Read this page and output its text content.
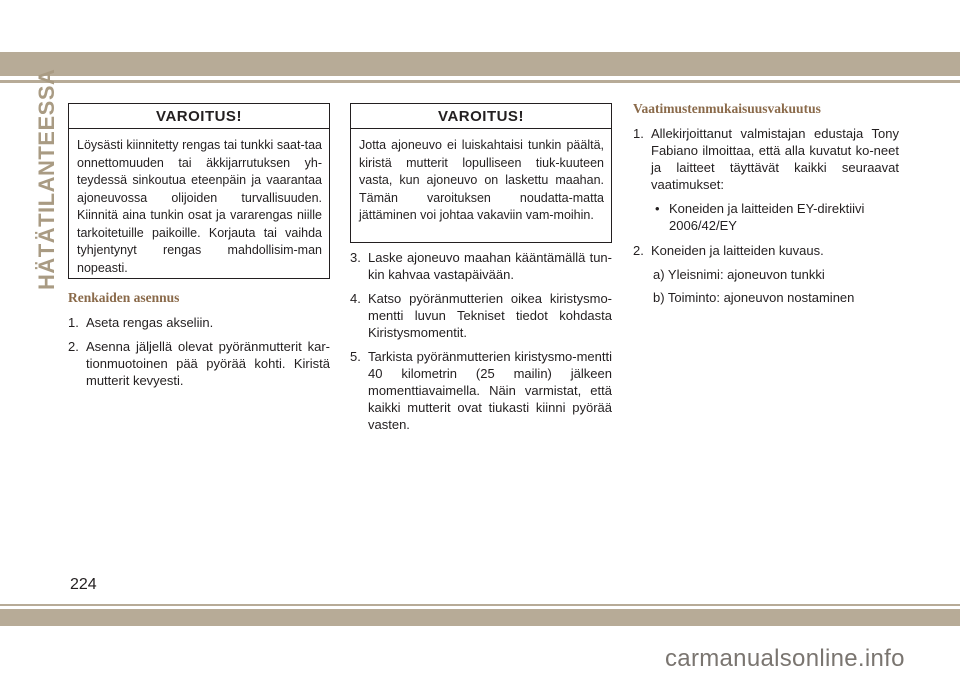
HÄTÄTILANTEESSA	VAROITUS!
Löysästi kiinnitetty rengas tai tunkki saat-taa onnettomuuden tai äkkijarrutuksen yh-teydessä sinkoutua eteenpäin ja vaarantaa ajoneuvossa olijoiden turvallisuuden. Kiinnitä aina tunkin osat ja vararengas niille tarkoitetuille paikoille. Korjauta tai vaihda tyhjentynyt rengas mahdollisim-man nopeasti.
Renkaiden asennus
1. Aseta rengas akseliin.
2. Asenna jäljellä olevat pyöränmutterit kar-tionmuotoinen pää pyörää kohti. Kiristä mutterit kevyesti.
VAROITUS!
Jotta ajoneuvo ei luiskahtaisi tunkin päältä, kiristä mutterit lopulliseen tiuk-kuuteen vasta, kun ajoneuvo on laskettu maahan. Tämän varoituksen noudatta-matta jättäminen voi johtaa vakaviin vam-moihin.
3. Laske ajoneuvo maahan kääntämällä tun-kin kahvaa vastapäivään.
4. Katso pyöränmutterien oikea kiristysmo-mentti luvun Tekniset tiedot kohdasta Kiristysmomentit.
5. Tarkista pyöränmutterien kiristysmo-mentti 40 kilometrin (25 mailin) jälkeen momenttiavaimella. Näin varmistat, että kaikki mutterit ovat tiukasti kiinni pyörää vasten.
Vaatimustenmukaisuusvakuutus
1. Allekirjoittanut valmistajan edustaja Tony Fabiano ilmoittaa, että alla kuvatut ko-neet ja laitteet täyttävät kaikki seuraavat vaatimukset:
• Koneiden ja laitteiden EY-direktiivi 2006/42/EY
2. Koneiden ja laitteiden kuvaus.
a) Yleisnimi: ajoneuvon tunkki
b) Toiminto: ajoneuvon nostaminen
224
carmanualsonline.info
